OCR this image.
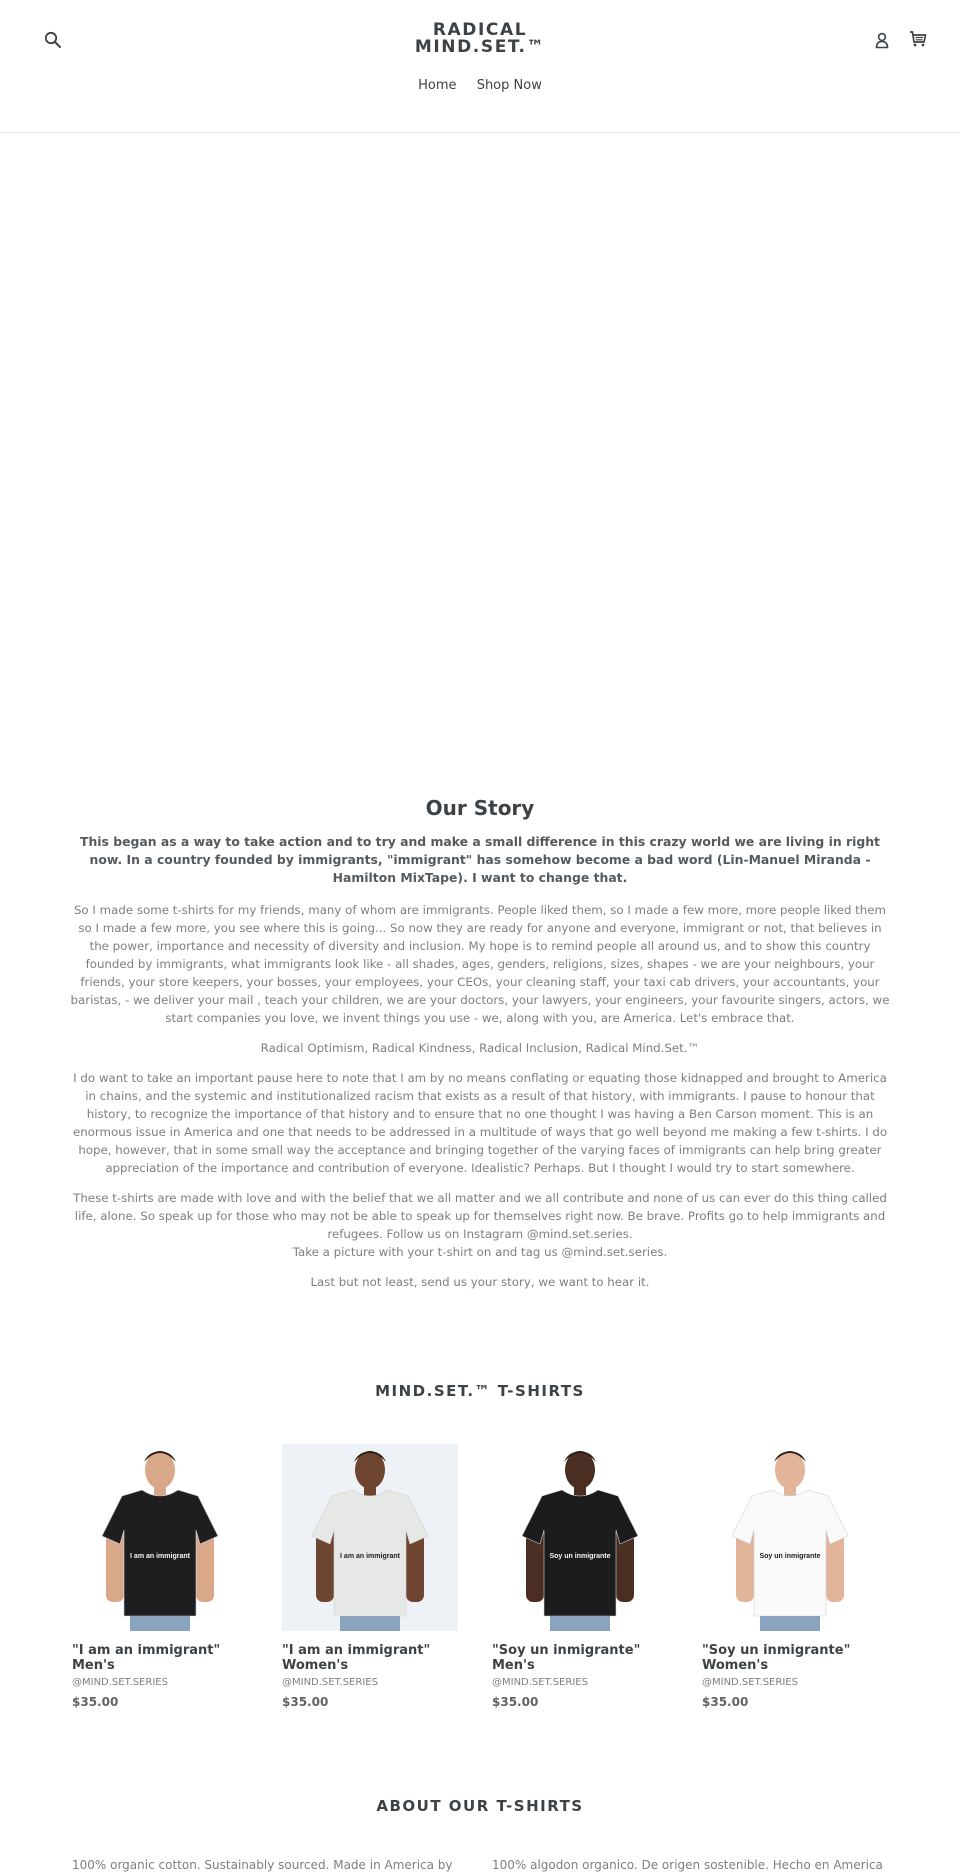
RADICAL
MIND.SET.™
Home Shop Now
Our Story

This began as a way to take action and to try and make a small difference in this crazy world we are living in right now. In a country founded by immigrants, "immigrant" has somehow become a bad word (Lin-Manuel Miranda - Hamilton MixTape). I want to change that.

So I made some t-shirts for my friends, many of whom are immigrants. People liked them, so I made a few more, more people liked them so I made a few more, you see where this is going... So now they are ready for anyone and everyone, immigrant or not, that believes in the power, importance and necessity of diversity and inclusion. My hope is to remind people all around us, and to show this country founded by immigrants, what immigrants look like - all shades, ages, genders, religions, sizes, shapes - we are your neighbours, your friends, your store keepers, your bosses, your employees, your CEOs, your cleaning staff, your taxi cab drivers, your accountants, your baristas, - we deliver your mail , teach your children, we are your doctors, your lawyers, your engineers, your favourite singers, actors, we start companies you love, we invent things you use - we, along with you, are America. Let's embrace that.

Radical Optimism, Radical Kindness, Radical Inclusion, Radical Mind.Set.™

I do want to take an important pause here to note that I am by no means conflating or equating those kidnapped and brought to America in chains, and the systemic and institutionalized racism that exists as a result of that history, with immigrants. I pause to honour that history, to recognize the importance of that history and to ensure that no one thought I was having a Ben Carson moment. This is an enormous issue in America and one that needs to be addressed in a multitude of ways that go well beyond me making a few t-shirts. I do hope, however, that in some small way the acceptance and bringing together of the varying faces of immigrants can help bring greater appreciation of the importance and contribution of everyone. Idealistic? Perhaps. But I thought I would try to start somewhere.

These t-shirts are made with love and with the belief that we all matter and we all contribute and none of us can ever do this thing called life, alone. So speak up for those who may not be able to speak up for themselves right now. Be brave. Profits go to help immigrants and refugees. Follow us on Instagram @mind.set.series.
Take a picture with your t-shirt on and tag us @mind.set.series.

Last but not least, send us your story, we want to hear it.

MIND.SET.™ T-SHIRTS
I am an immigrant
"I am an immigrant" Men's
@MIND.SET.SERIES
$35.00
I am an immigrant
"I am an immigrant" Women's
@MIND.SET.SERIES
$35.00
Soy un inmigrante
"Soy un inmigrante" Men's
@MIND.SET.SERIES
$35.00
Soy un inmigrante
"Soy un inmigrante" Women's
@MIND.SET.SERIES
$35.00
ABOUT OUR T-SHIRTS

100% organic cotton. Sustainably sourced. Made in America by	100% algodon organico. De origen sostenible. Hecho en America
